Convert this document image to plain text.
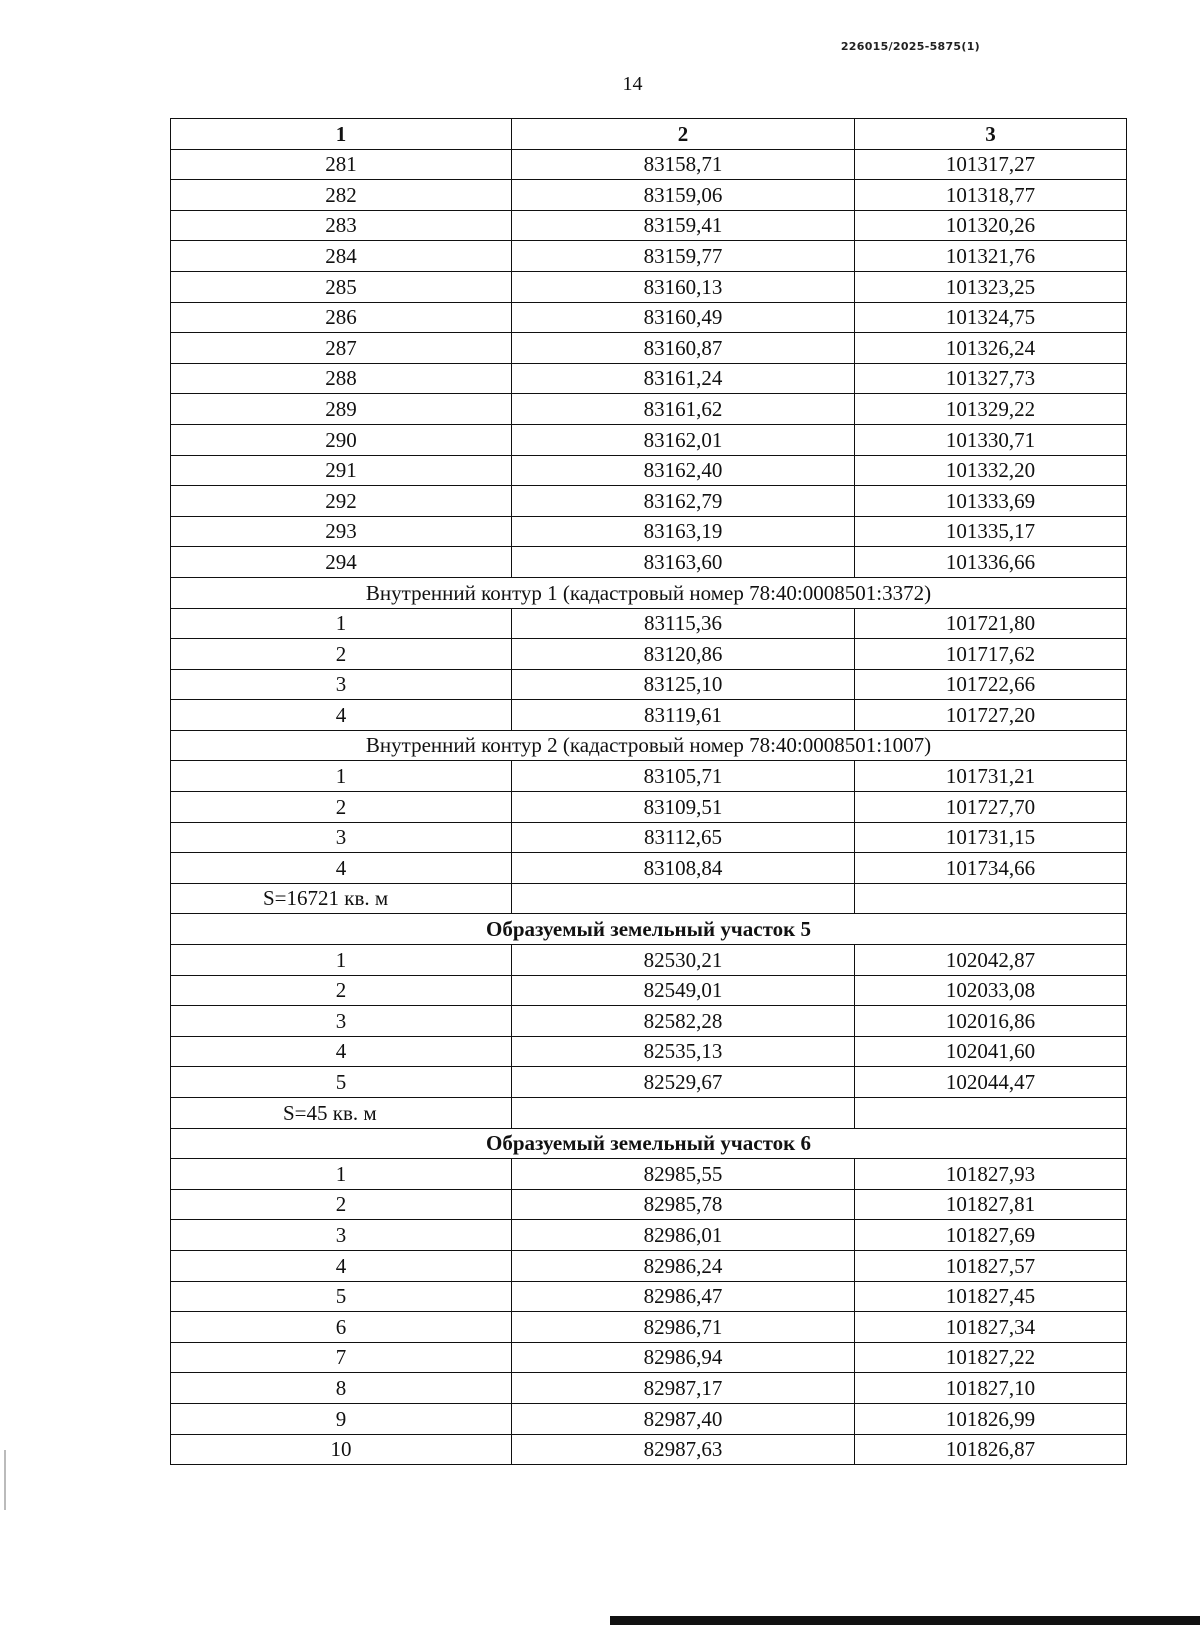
226015/2025-5875(1)
14
1	2	3
281	83158,71	101317,27
282	83159,06	101318,77
283	83159,41	101320,26
284	83159,77	101321,76
285	83160,13	101323,25
286	83160,49	101324,75
287	83160,87	101326,24
288	83161,24	101327,73
289	83161,62	101329,22
290	83162,01	101330,71
291	83162,40	101332,20
292	83162,79	101333,69
293	83163,19	101335,17
294	83163,60	101336,66
Внутренний контур 1 (кадастровый номер 78:40:0008501:3372)		
1	83115,36	101721,80
2	83120,86	101717,62
3	83125,10	101722,66
4	83119,61	101727,20
Внутренний контур 2 (кадастровый номер 78:40:0008501:1007)		
1	83105,71	101731,21
2	83109,51	101727,70
3	83112,65	101731,15
4	83108,84	101734,66
S=16721 кв. м		
Образуемый земельный участок 5		
1	82530,21	102042,87
2	82549,01	102033,08
3	82582,28	102016,86
4	82535,13	102041,60
5	82529,67	102044,47
S=45 кв. м		
Образуемый земельный участок 6		
1	82985,55	101827,93
2	82985,78	101827,81
3	82986,01	101827,69
4	82986,24	101827,57
5	82986,47	101827,45
6	82986,71	101827,34
7	82986,94	101827,22
8	82987,17	101827,10
9	82987,40	101826,99
10	82987,63	101826,87
